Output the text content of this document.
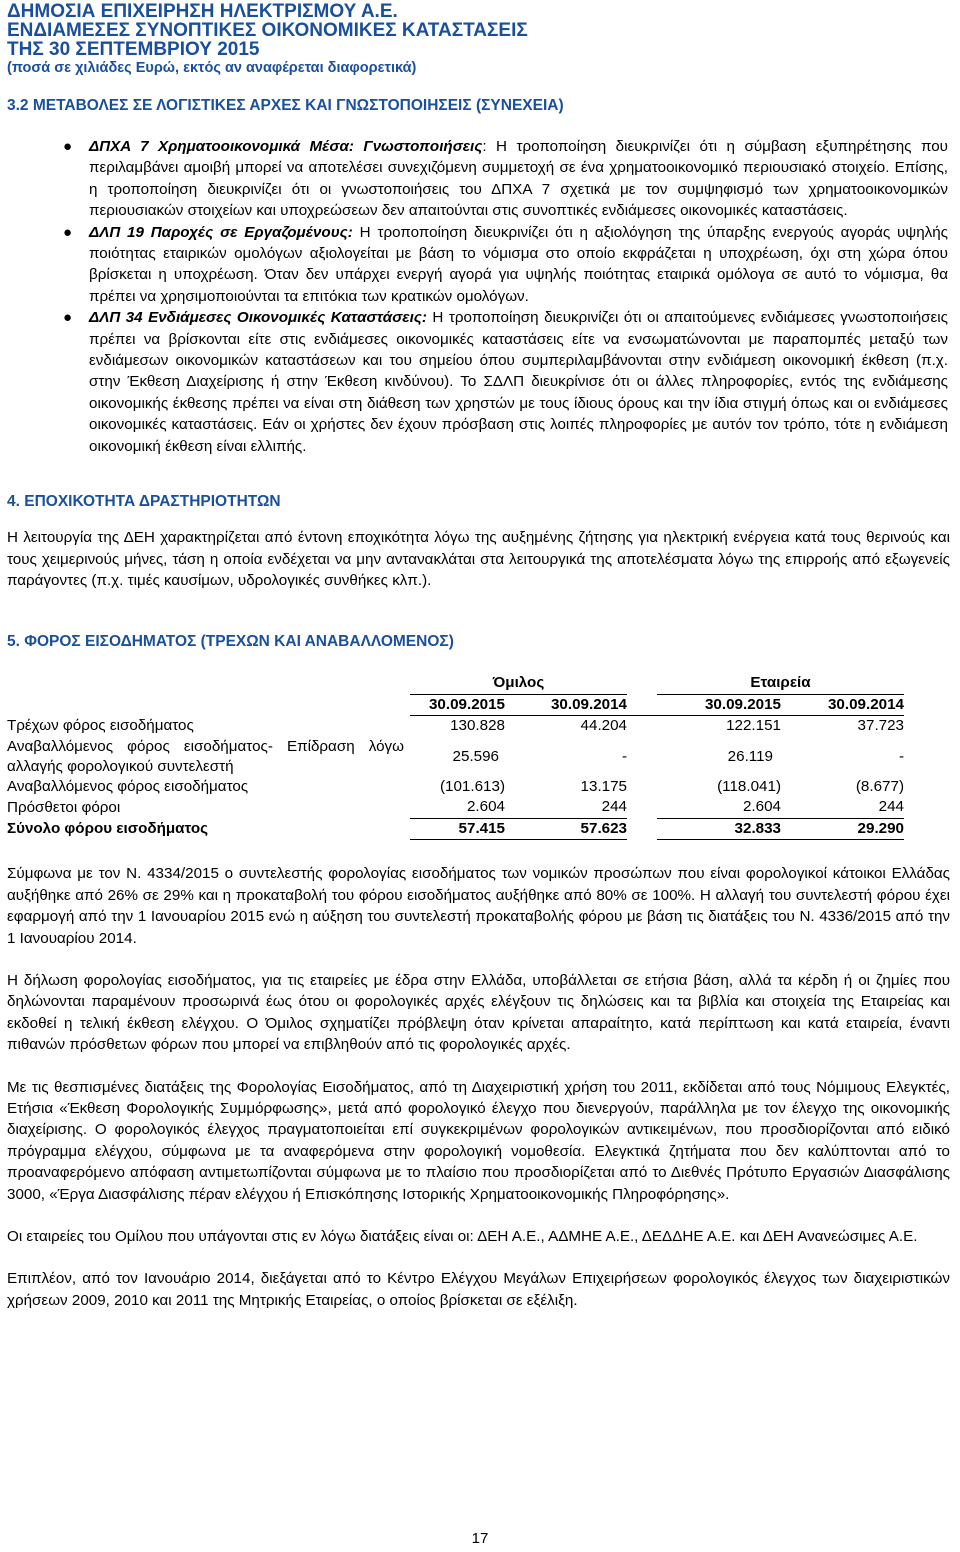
ΔΗΜΟΣΙΑ ΕΠΙΧΕΙΡΗΣΗ ΗΛΕΚΤΡΙΣΜΟΥ Α.Ε.
ΕΝΔΙΑΜΕΣΕΣ ΣΥΝΟΠΤΙΚΕΣ ΟΙΚΟΝΟΜΙΚΕΣ ΚΑΤΑΣΤΑΣΕΙΣ
ΤΗΣ 30 ΣΕΠΤΕΜΒΡΙΟΥ 2015
(ποσά σε χιλιάδες Ευρώ, εκτός αν αναφέρεται διαφορετικά)
3.2 ΜΕΤΑΒΟΛΕΣ ΣΕ ΛΟΓΙΣΤΙΚΕΣ ΑΡΧΕΣ ΚΑΙ ΓΝΩΣΤΟΠΟΙΗΣΕΙΣ (ΣΥΝΕΧΕΙΑ)
● ΔΠΧΑ 7 Χρηματοοικονομικά Μέσα: Γνωστοποιήσεις: Η τροποποίηση διευκρινίζει ότι η σύμβαση εξυπηρέτησης που περιλαμβάνει αμοιβή μπορεί να αποτελέσει συνεχιζόμενη συμμετοχή σε ένα χρηματοοικονομικό περιουσιακό στοιχείο. Επίσης, η τροποποίηση διευκρινίζει ότι οι γνωστοποιήσεις του ΔΠΧΑ 7 σχετικά με τον συμψηφισμό των χρηματοοικονομικών περιουσιακών στοιχείων και υποχρεώσεων δεν απαιτούνται στις συνοπτικές ενδιάμεσες οικονομικές καταστάσεις.
● ΔΛΠ 19 Παροχές σε Εργαζομένους: Η τροποποίηση διευκρινίζει ότι η αξιολόγηση της ύπαρξης ενεργούς αγοράς υψηλής ποιότητας εταιρικών ομολόγων αξιολογείται με βάση το νόμισμα στο οποίο εκφράζεται η υποχρέωση, όχι στη χώρα όπου βρίσκεται η υποχρέωση. Όταν δεν υπάρχει ενεργή αγορά για υψηλής ποιότητας εταιρικά ομόλογα σε αυτό το νόμισμα, θα πρέπει να χρησιμοποιούνται τα επιτόκια των κρατικών ομολόγων.
● ΔΛΠ 34 Ενδιάμεσες Οικονομικές Καταστάσεις: Η τροποποίηση διευκρινίζει ότι οι απαιτούμενες ενδιάμεσες γνωστοποιήσεις πρέπει να βρίσκονται είτε στις ενδιάμεσες οικονομικές καταστάσεις είτε να ενσωματώνονται με παραπομπές μεταξύ των ενδιάμεσων οικονομικών καταστάσεων και του σημείου όπου συμπεριλαμβάνονται στην ενδιάμεση οικονομική έκθεση (π.χ. στην Έκθεση Διαχείρισης ή στην Έκθεση κινδύνου). Το ΣΔΛΠ διευκρίνισε ότι οι άλλες πληροφορίες, εντός της ενδιάμεσης οικονομικής έκθεσης πρέπει να είναι στη διάθεση των χρηστών με τους ίδιους όρους και την ίδια στιγμή όπως και οι ενδιάμεσες οικονομικές καταστάσεις. Εάν οι χρήστες δεν έχουν πρόσβαση στις λοιπές πληροφορίες με αυτόν τον τρόπο, τότε η ενδιάμεση οικονομική έκθεση είναι ελλιπής.
4. ΕΠΟΧΙΚΟΤΗΤΑ ΔΡΑΣΤΗΡΙΟΤΗΤΩΝ

Η λειτουργία της ΔΕΗ χαρακτηρίζεται από έντονη εποχικότητα λόγω της αυξημένης ζήτησης για ηλεκτρική ενέργεια κατά τους θερινούς και τους χειμερινούς μήνες, τάση η οποία ενδέχεται να μην αντανακλάται στα λειτουργικά της αποτελέσματα λόγω της επιρροής από εξωγενείς παράγοντες (π.χ. τιμές καυσίμων, υδρολογικές συνθήκες κλπ.).

5. ΦΟΡΟΣ ΕΙΣΟΔΗΜΑΤΟΣ (ΤΡΕΧΩΝ ΚΑΙ ΑΝΑΒΑΛΛΟΜΕΝΟΣ)
	Όμιλος			Εταιρεία	
	30.09.2015	30.09.2014		30.09.2015	30.09.2014
Τρέχων φόρος εισοδήματος	130.828	44.204		122.151	37.723
Αναβαλλόμενος φόρος εισοδήματος- Επίδραση λόγω αλλαγής φορολογικού συντελεστή	25.596	-		26.119	-
Αναβαλλόμενος φόρος εισοδήματος	(101.613)	13.175		(118.041)	(8.677)
Πρόσθετοι φόροι	2.604	244		2.604	244
Σύνολο φόρου εισοδήματος	57.415	57.623		32.833	29.290

Σύμφωνα με τον Ν. 4334/2015 ο συντελεστής φορολογίας εισοδήματος των νομικών προσώπων που είναι φορολογικοί κάτοικοι Ελλάδας αυξήθηκε από 26% σε 29% και η προκαταβολή του φόρου εισοδήματος αυξήθηκε από 80% σε 100%. Η αλλαγή του συντελεστή φόρου έχει εφαρμογή από την 1 Ιανουαρίου 2015 ενώ η αύξηση του συντελεστή προκαταβολής φόρου με βάση τις διατάξεις του Ν. 4336/2015 από την 1 Ιανουαρίου 2014.

Η δήλωση φορολογίας εισοδήματος, για τις εταιρείες με έδρα στην Ελλάδα, υποβάλλεται σε ετήσια βάση, αλλά τα κέρδη ή οι ζημίες που δηλώνονται παραμένουν προσωρινά έως ότου οι φορολογικές αρχές ελέγξουν τις δηλώσεις και τα βιβλία και στοιχεία της Εταιρείας και εκδοθεί η τελική έκθεση ελέγχου. Ο Όμιλος σχηματίζει πρόβλεψη όταν κρίνεται απαραίτητο, κατά περίπτωση και κατά εταιρεία, έναντι πιθανών πρόσθετων φόρων που μπορεί να επιβληθούν από τις φορολογικές αρχές.

Με τις θεσπισμένες διατάξεις της Φορολογίας Εισοδήματος, από τη Διαχειριστική χρήση του 2011, εκδίδεται από τους Νόμιμους Ελεγκτές, Ετήσια «Έκθεση Φορολογικής Συμμόρφωσης», μετά από φορολογικό έλεγχο που διενεργούν, παράλληλα με τον έλεγχο της οικονομικής διαχείρισης. Ο φορολογικός έλεγχος πραγματοποιείται επί συγκεκριμένων φορολογικών αντικειμένων, που προσδιορίζονται από ειδικό πρόγραμμα ελέγχου, σύμφωνα με τα αναφερόμενα στην φορολογική νομοθεσία. Ελεγκτικά ζητήματα που δεν καλύπτονται από το προαναφερόμενο απόφαση αντιμετωπίζονται σύμφωνα με το πλαίσιο που προσδιορίζεται από το Διεθνές Πρότυπο Εργασιών Διασφάλισης 3000, «Έργα Διασφάλισης πέραν ελέγχου ή Επισκόπησης Ιστορικής Χρηματοοικονομικής Πληροφόρησης».

Οι εταιρείες του Ομίλου που υπάγονται στις εν λόγω διατάξεις είναι οι: ΔΕΗ Α.Ε., ΑΔΜΗΕ Α.Ε., ΔΕΔΔΗΕ Α.Ε. και ΔΕΗ Ανανεώσιμες Α.Ε.

Επιπλέον, από τον Ιανουάριο 2014, διεξάγεται από το Κέντρο Ελέγχου Μεγάλων Επιχειρήσεων φορολογικός έλεγχος των διαχειριστικών χρήσεων 2009, 2010 και 2011 της Μητρικής Εταιρείας, ο οποίος βρίσκεται σε εξέλιξη.

17
